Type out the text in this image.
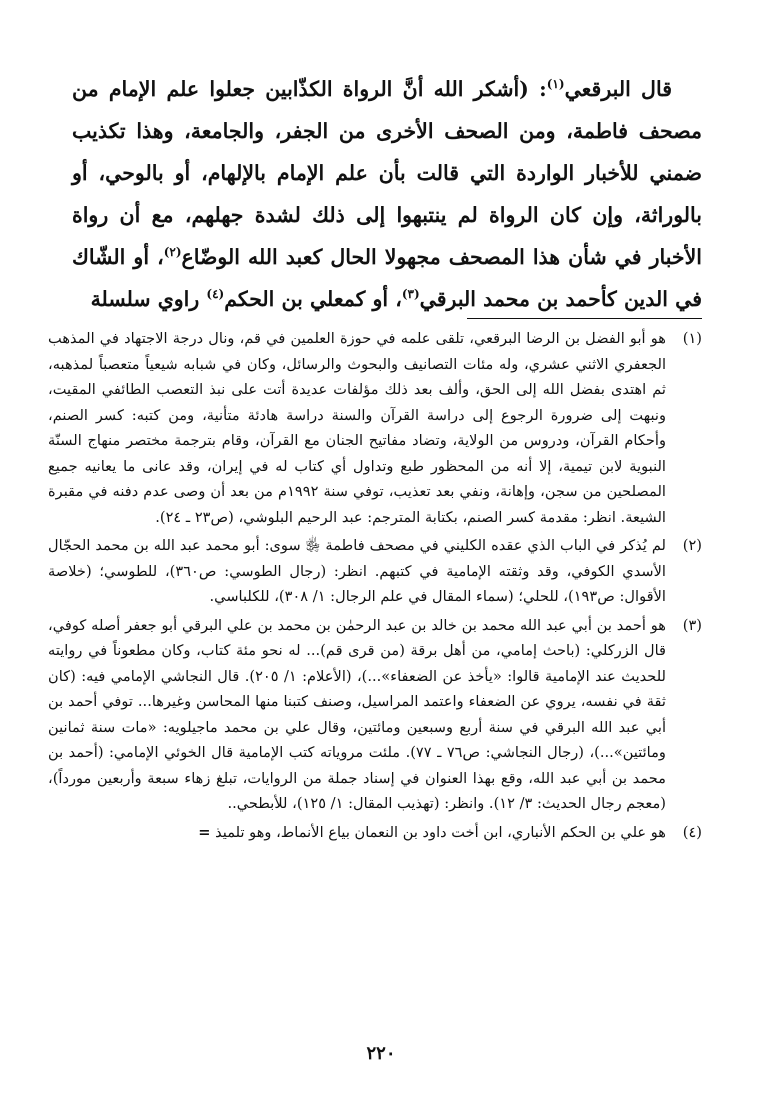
قال البرقعي$^{(١)}$: (أشكر الله أنَّ الرواة الكذّابين جعلوا علم الإمام من مصحف فاطمة، ومن الصحف الأخرى من الجفر، والجامعة، وهذا تكذيب ضمني للأخبار الواردة التي قالت بأن علم الإمام بالإلهام، أو بالوحي، أو بالوراثة، وإن كان الرواة لم ينتبهوا إلى ذلك لشدة جهلهم، مع أن رواة الأخبار في شأن هذا المصحف مجهولا الحال كعبد الله الوضّاع$^{(٢)}$، أو الشّاك في الدين كأحمد بن محمد البرقي$^{(٣)}$، أو كمعلي بن الحكم$^{(٤)}$ راوي سلسلة

(١)
هو أبو الفضل بن الرضا البرقعي، تلقى علمه في حوزة العلمين في قم، ونال درجة الاجتهاد في المذهب الجعفري الاثني عشري، وله مئات التصانيف والبحوث والرسائل، وكان في شبابه شيعياً متعصباً لمذهبه، ثم اهتدى بفضل الله إلى الحق، وألف بعد ذلك مؤلفات عديدة أتت على نبذ التعصب الطائفي المقيت، ونبهت إلى ضرورة الرجوع إلى دراسة القرآن والسنة دراسة هادئة متأنية، ومن كتبه: كسر الصنم، وأحكام القرآن، ودروس من الولاية، وتضاد مفاتيح الجنان مع القرآن، وقام بترجمة مختصر منهاج السنّة النبوية لابن تيمية، إلا أنه من المحظور طبع وتداول أي كتاب له في إيران، وقد عانى ما يعانيه جميع المصلحين من سجن، وإهانة، ونفي بعد تعذيب، توفي سنة ١٩٩٢م من بعد أن وصى عدم دفنه في مقبرة الشيعة. انظر: مقدمة كسر الصنم، بكتابة المترجم: عبد الرحيم البلوشي، (ص٢٣ ـ ٢٤).
(٢)
لم يُذكر في الباب الذي عقده الكليني في مصحف فاطمة ﵂ سوى: أبو محمد عبد الله بن محمد الحجّال الأسدي الكوفي، وقد وثقته الإمامية في كتبهم. انظر: (رجال الطوسي: ص٣٦٠)، للطوسي؛ (خلاصة الأقوال: ص١٩٣)، للحلي؛ (سماء المقال في علم الرجال: ١/ ٣٠٨)، للكلباسي.
(٣)
هو أحمد بن أبي عبد الله محمد بن خالد بن عبد الرحمٰن بن محمد بن علي البرقي أبو جعفر أصله كوفي، قال الزركلي: (باحث إمامي، من أهل برقة (من قرى قم)... له نحو مئة كتاب، وكان مطعوناً في روايته للحديث عند الإمامية قالوا: «يأخذ عن الضعفاء»...)، (الأعلام: ١/ ٢٠٥). قال النجاشي الإمامي فيه: (كان ثقة في نفسه، يروي عن الضعفاء واعتمد المراسيل، وصنف كتبنا منها المحاسن وغيرها... توفي أحمد بن أبي عبد الله البرقي في سنة أربع وسبعين ومائتين، وقال علي بن محمد ماجيلويه: «مات سنة ثمانين ومائتين»...)، (رجال النجاشي: ص٧٦ ـ ٧٧). ملئت مروياته كتب الإمامية قال الخوئي الإمامي: (أحمد بن محمد بن أبي عبد الله، وقع بهذا العنوان في إسناد جملة من الروايات، تبلغ زهاء سبعة وأربعين مورداً)، (معجم رجال الحديث: ٣/ ١٢). وانظر: (تهذيب المقال: ١/ ١٢٥)، للأبطحي..
(٤)
هو علي بن الحكم الأنباري، ابن أخت داود بن النعمان بياع الأنماط، وهو تلميذ =
٢٢٠
